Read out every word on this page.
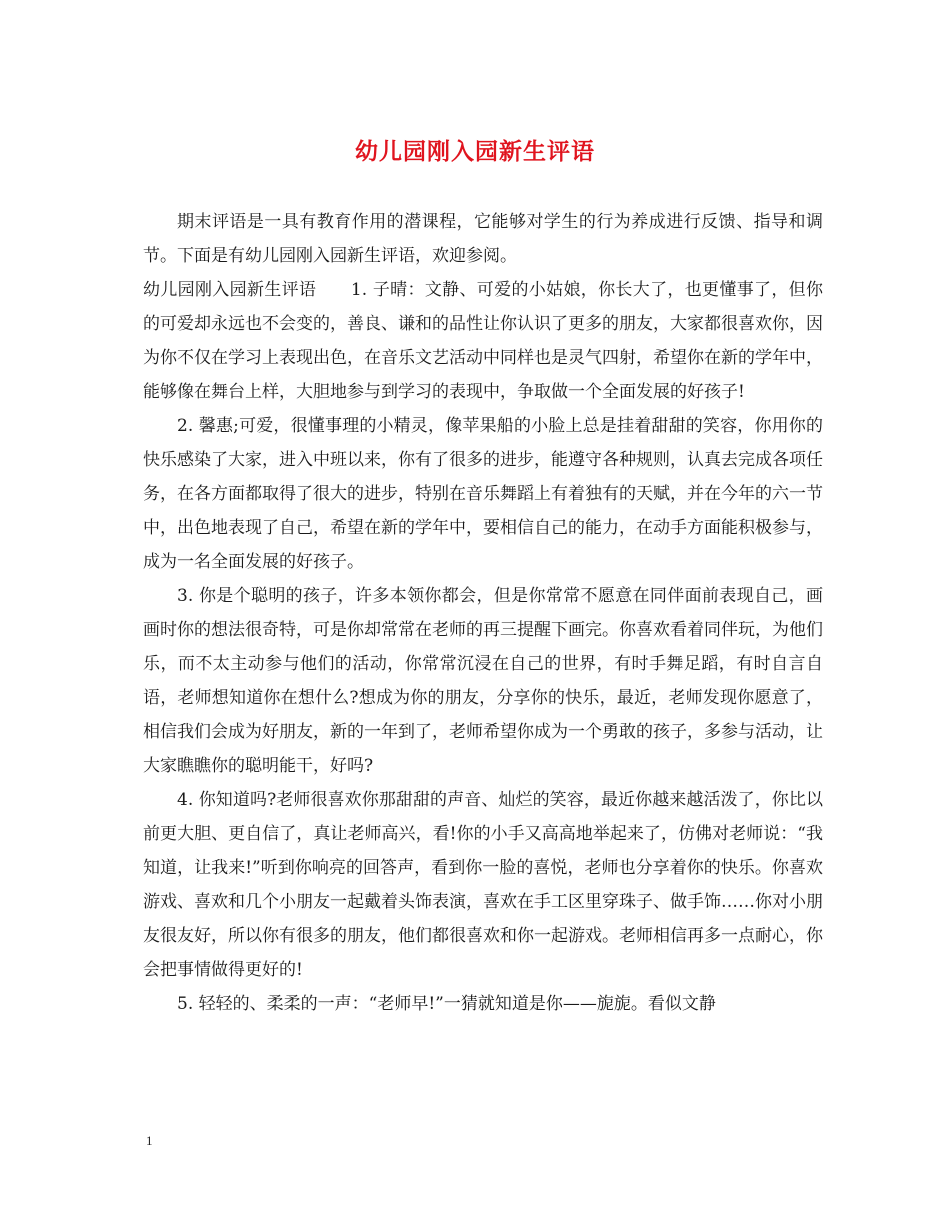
幼儿园刚入园新生评语

期末评语是一具有教育作用的潜课程，它能够对学生的行为养成进行反馈、指导和调节。下面是有幼儿园刚入园新生评语，欢迎参阅。

幼儿园刚入园新生评语　　1. 子晴：文静、可爱的小姑娘，你长大了，也更懂事了，但你的可爱却永远也不会变的，善良、谦和的品性让你认识了更多的朋友，大家都很喜欢你，因为你不仅在学习上表现出色，在音乐文艺活动中同样也是灵气四射，希望你在新的学年中，能够像在舞台上样，大胆地参与到学习的表现中，争取做一个全面发展的好孩子!

2. 馨惠;可爱，很懂事理的小精灵，像苹果船的小脸上总是挂着甜甜的笑容，你用你的快乐感染了大家，进入中班以来，你有了很多的进步，能遵守各种规则，认真去完成各项任务，在各方面都取得了很大的进步，特别在音乐舞蹈上有着独有的天赋，并在今年的六一节中，出色地表现了自己，希望在新的学年中，要相信自己的能力，在动手方面能积极参与，成为一名全面发展的好孩子。

3. 你是个聪明的孩子，许多本领你都会，但是你常常不愿意在同伴面前表现自己，画画时你的想法很奇特，可是你却常常在老师的再三提醒下画完。你喜欢看着同伴玩，为他们乐，而不太主动参与他们的活动，你常常沉浸在自己的世界，有时手舞足蹈，有时自言自语，老师想知道你在想什么?想成为你的朋友，分享你的快乐，最近，老师发现你愿意了，相信我们会成为好朋友，新的一年到了，老师希望你成为一个勇敢的孩子，多参与活动，让大家瞧瞧你的聪明能干，好吗?

4. 你知道吗?老师很喜欢你那甜甜的声音、灿烂的笑容，最近你越来越活泼了，你比以前更大胆、更自信了，真让老师高兴，看!你的小手又高高地举起来了，仿佛对老师说：“我知道，让我来!”听到你响亮的回答声，看到你一脸的喜悦，老师也分享着你的快乐。你喜欢游戏、喜欢和几个小朋友一起戴着头饰表演，喜欢在手工区里穿珠子、做手饰……你对小朋友很友好，所以你有很多的朋友，他们都很喜欢和你一起游戏。老师相信再多一点耐心，你会把事情做得更好的!

5. 轻轻的、柔柔的一声：“老师早!”一猜就知道是你——旎旎。看似文静

1
